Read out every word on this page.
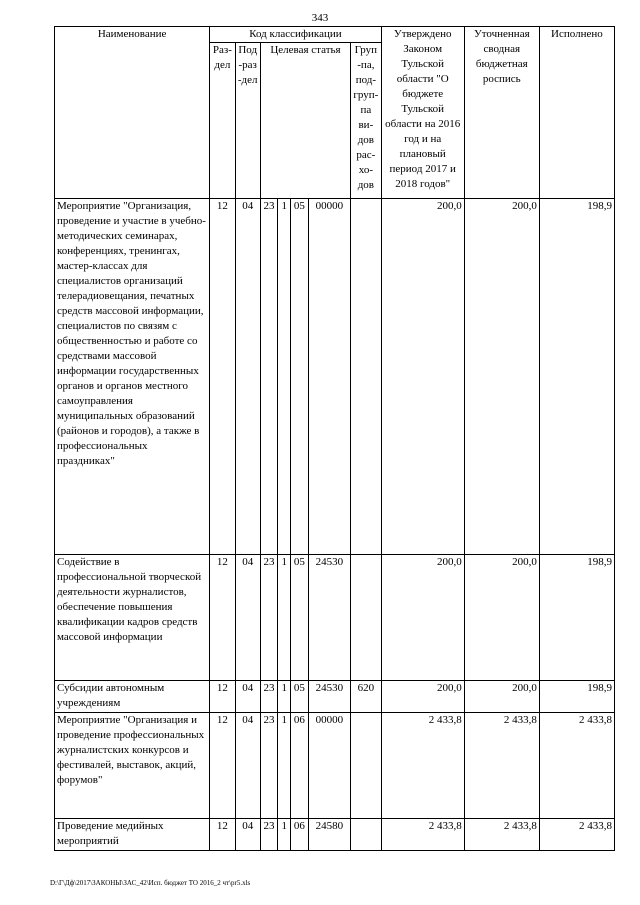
343
Наименование	Код классификации							Утверждено Законом Тульской области "О бюджете Тульской области на 2016 год и на плановый период 2017 и 2018 годов"	Уточненная сводная бюджетная роспись	Исполнено
	Раз-дел	Под-раз-дел	Целевая статья				Груп-па, под-груп-па ви-дов рас-хо-дов			
Мероприятие "Организация, проведение и участие в учебно-методических семинарах, конференциях, тренингах, мастер-классах для специалистов организаций телерадиовещания, печатных средств массовой информации, специалистов по связям с общественностью и работе со средствами массовой информации государственных органов и органов местного самоуправления муниципальных образований (районов и городов), а также в профессиональных праздниках"	12	04	23	1	05	00000		200,0	200,0	198,9
Содействие в профессиональной творческой деятельности журналистов, обеспечение повышения квалификации кадров средств массовой информации	12	04	23	1	05	24530		200,0	200,0	198,9
Субсидии автономным учреждениям	12	04	23	1	05	24530	620	200,0	200,0	198,9
Мероприятие "Организация и проведение профессиональных журналистских конкурсов и фестивалей, выставок, акций, форумов"	12	04	23	1	06	00000		2 433,8	2 433,8	2 433,8
Проведение медийных мероприятий	12	04	23	1	06	24580		2 433,8	2 433,8	2 433,8
D:\Г\Дф\2017\ЗАКОНЫ\ЗАС_42\Исп. бюджет ТО 2016_2 чт\pr5.xls
